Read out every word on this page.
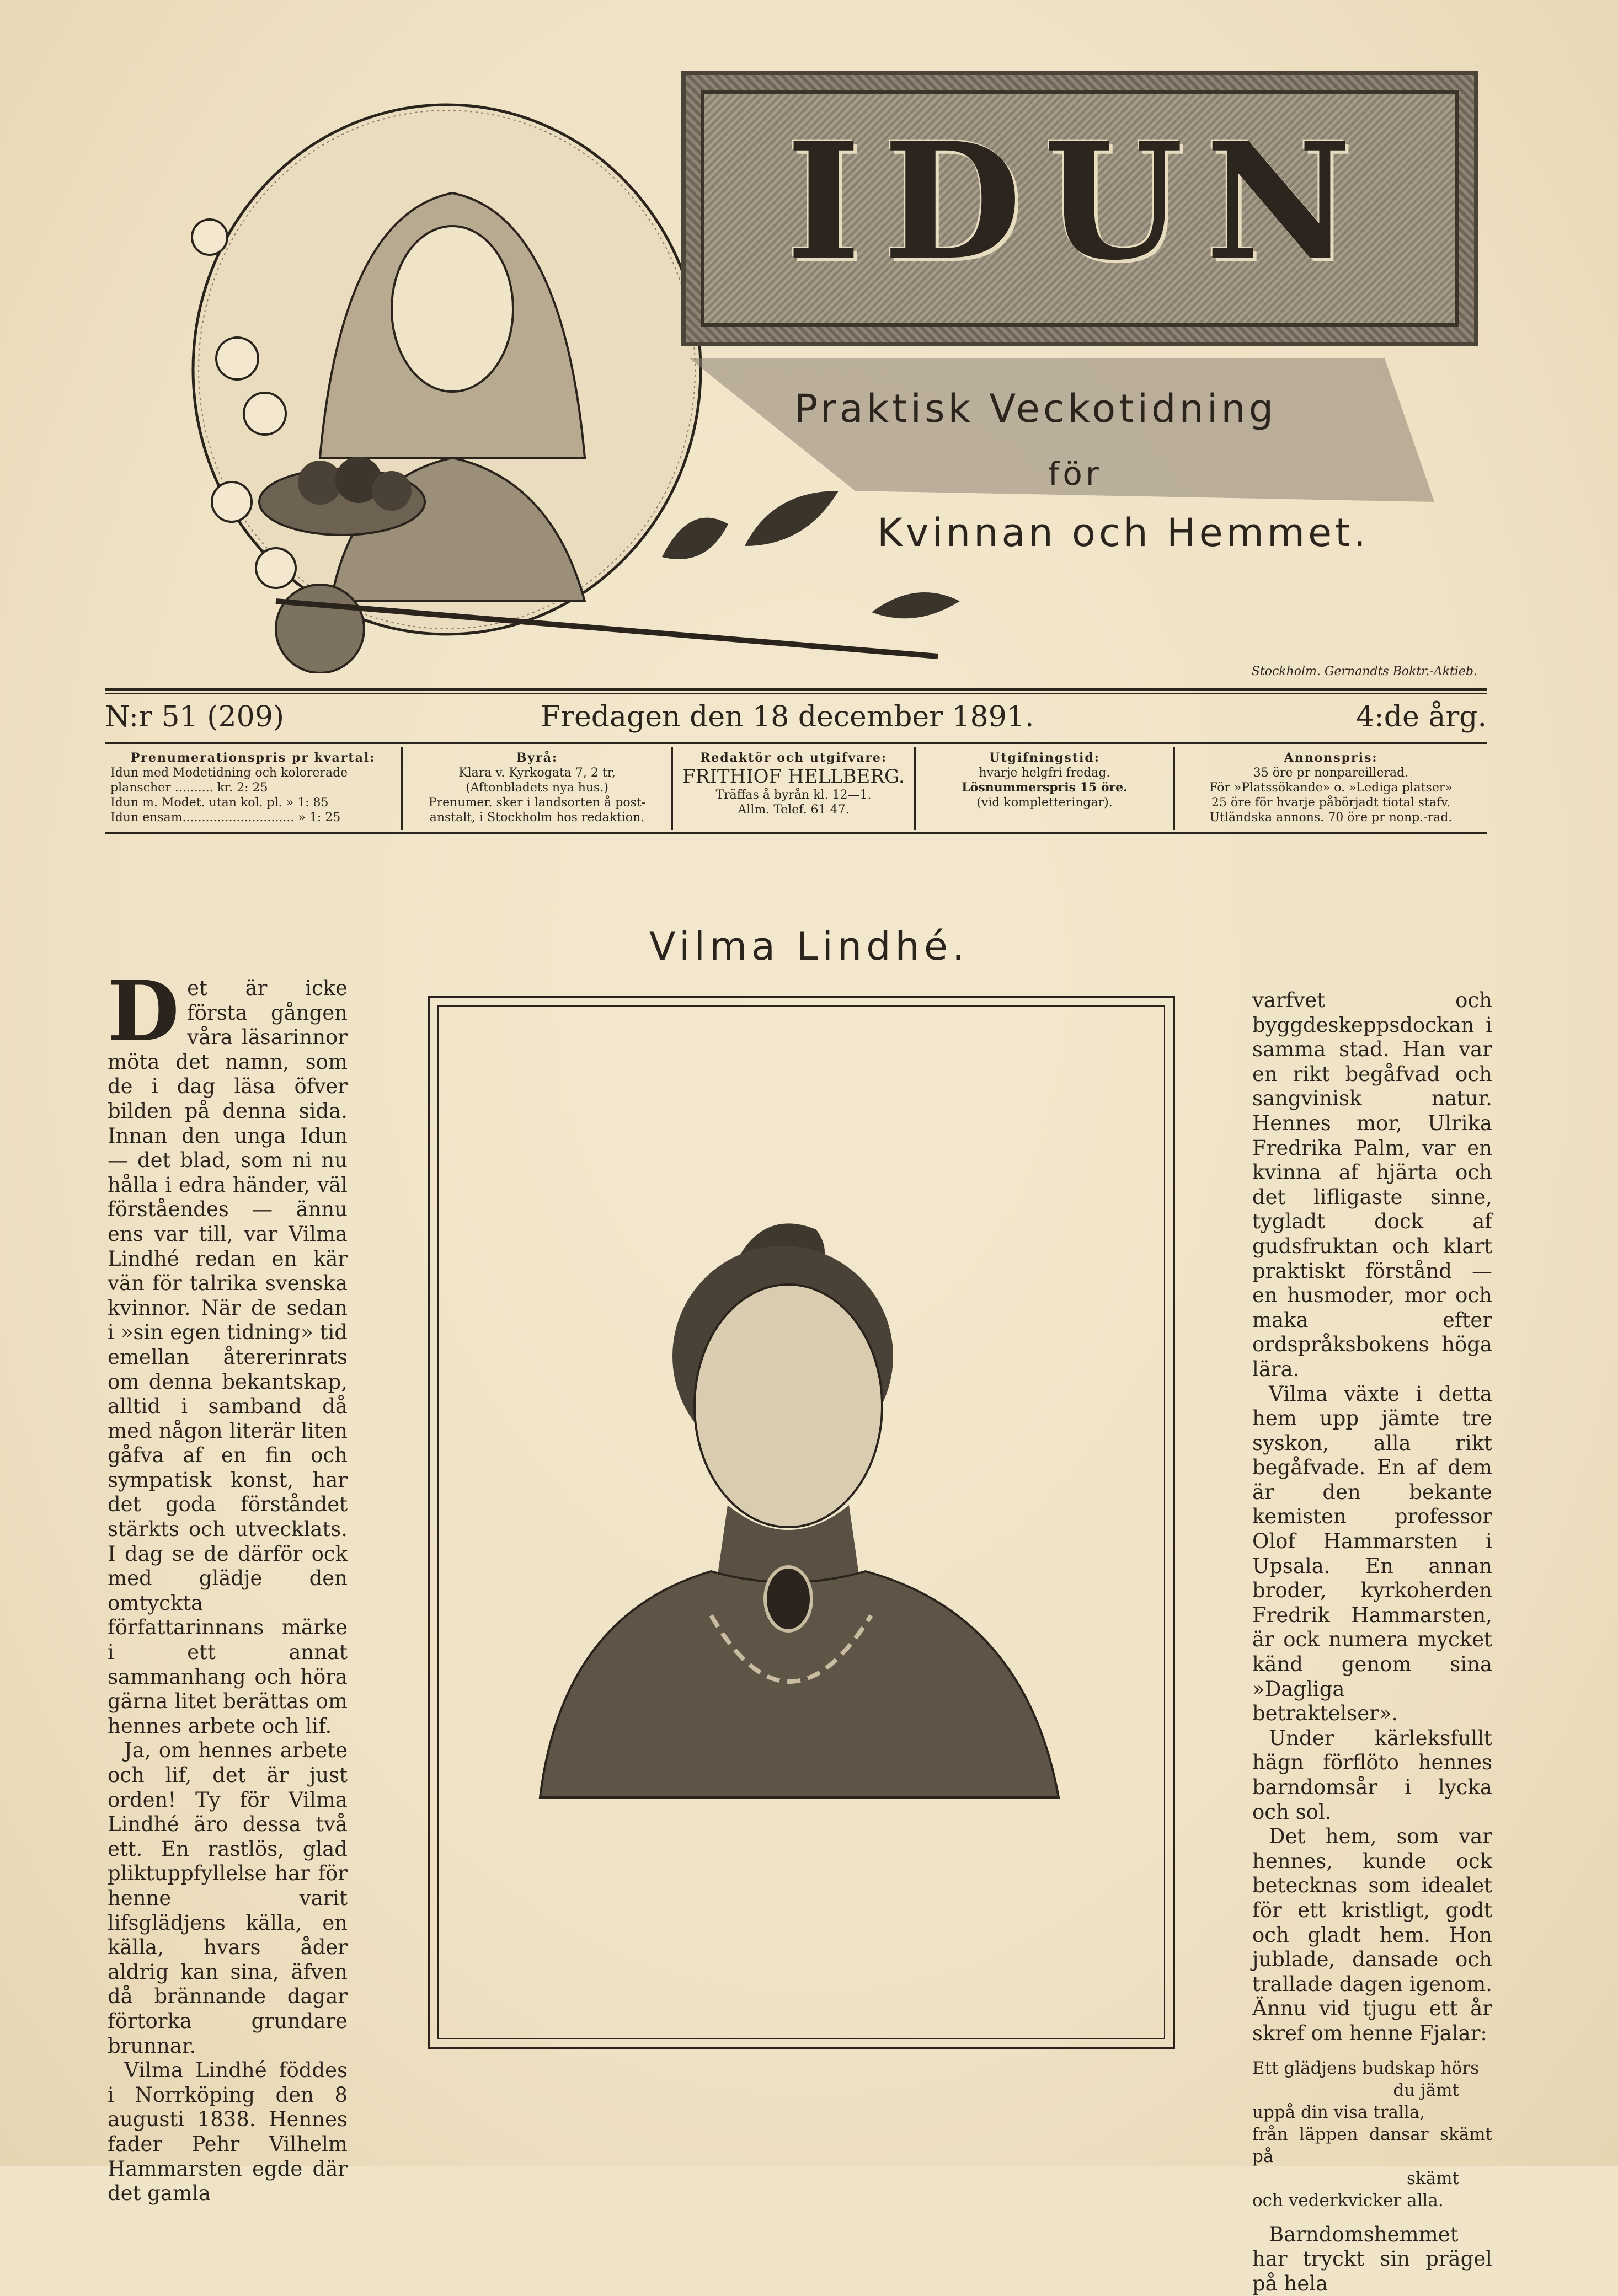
IDUN
Praktisk Veckotidning
för
Kvinnan och Hemmet.
Stockholm. Gernandts Boktr.-Aktieb.
N:r 51 (209)	Fredagen den 18 december 1891.	4:de årg.
Prenumerationspris pr kvartal:
Idun med Modetidning och kolorerade planscher .......... kr. 2: 25
Idun m. Modet. utan kol. pl. » 1: 85
Idun ensam............................. » 1: 25
Byrå:
Klara v. Kyrkogata 7, 2 tr,
(Aftonbladets nya hus.)
Prenumer. sker i landsorten å post-
anstalt, i Stockholm hos redaktion.
Redaktör och utgifvare:
FRITHIOF HELLBERG.
Träffas å byrån kl. 12—1.
Allm. Telef. 61 47.
Utgifningstid:
hvarje helgfri fredag.
Lösnummerspris 15 öre.
(vid kompletteringar).
Annonspris:
35 öre pr nonpareillerad.
För »Platssökande» o. »Lediga platser»
25 öre för hvarje påbörjadt tiotal stafv.
Utländska annons. 70 öre pr nonp.-rad.
Vilma Lindhé.

Det är icke första gången våra läsarinnor möta det namn, som de i dag läsa öfver bilden på denna sida. Innan den unga Idun — det blad, som ni nu hålla i edra händer, väl förståendes — ännu ens var till, var Vilma Lindhé redan en kär vän för talrika svenska kvinnor. När de sedan i »sin egen tidning» tid emellan återerinrats om denna bekantskap, alltid i samband då med någon literär liten gåfva af en fin och sympatisk konst, har det goda förståndet stärkts och utvecklats. I dag se de därför ock med glädje den omtyckta författarinnans märke i ett annat sammanhang och höra gärna litet berättas om hennes arbete och lif.

Ja, om hennes arbete och lif, det är just orden! Ty för Vilma Lindhé äro dessa två ett. En rastlös, glad pliktuppfyllelse har för henne varit lifsglädjens källa, en källa, hvars åder aldrig kan sina, äfven då brännande dagar förtorka grundare brunnar.

Vilma Lindhé föddes i Norrköping den 8 augusti 1838. Hennes fader Pehr Vilhelm Hammarsten egde där det gamla

varfvet och byggdeskeppsdockan i samma stad. Han var en rikt begåfvad och sangvinisk natur. Hennes mor, Ulrika Fredrika Palm, var en kvinna af hjärta och det lifligaste sinne, tygladt dock af gudsfruktan och klart praktiskt förstånd — en husmoder, mor och maka efter ordspråksbokens höga lära.

Vilma växte i detta hem upp jämte tre syskon, alla rikt begåfvade. En af dem är den bekante kemisten professor Olof Hammarsten i Upsala. En annan broder, kyrkoherden Fredrik Hammarsten, är ock numera mycket känd genom sina »Dagliga betraktelser».

Under kärleksfullt hägn förflöto hennes barndomsår i lycka och sol.

Det hem, som var hennes, kunde ock betecknas som idealet för ett kristligt, godt och gladt hem. Hon jublade, dansade och trallade dagen igenom. Ännu vid tjugu ett år skref om henne Fjalar:

Ett glädjens budskap hörs
du jämt
uppå din visa tralla,
från läppen dansar skämt på
skämt
och vederkvicker alla.

Barndomshemmet har tryckt sin prägel på hela
